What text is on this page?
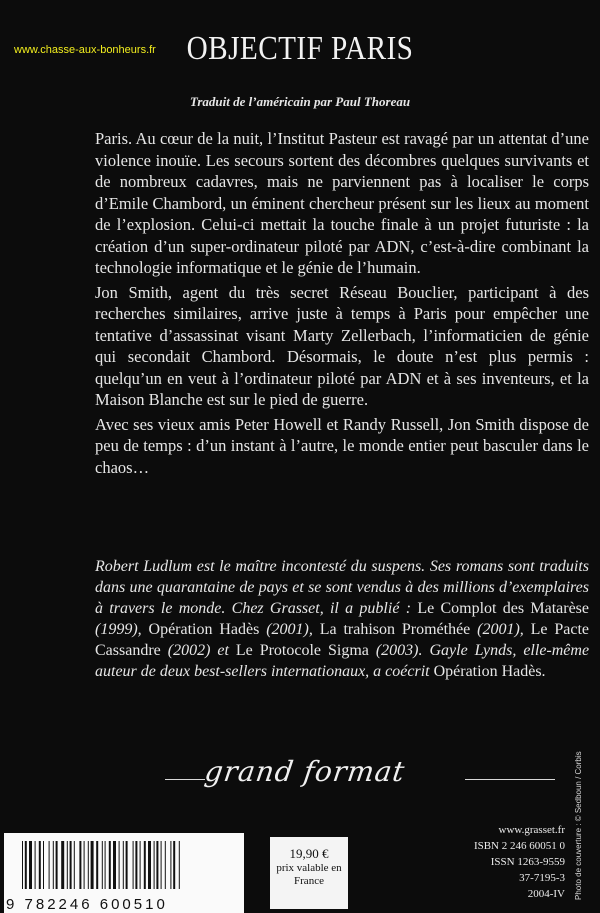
www.chasse-aux-bonheurs.fr OBJECTIF PARIS
Traduit de l’américain par Paul Thoreau

Paris. Au cœur de la nuit, l’Institut Pasteur est ravagé par un attentat d’une violence inouïe. Les secours sortent des décombres quelques survivants et de nombreux cadavres, mais ne parviennent pas à localiser le corps d’Emile Chambord, un éminent chercheur présent sur les lieux au moment de l’explosion. Celui-ci mettait la touche finale à un projet futuriste : la création d’un super-ordinateur piloté par ADN, c’est-à-dire combinant la technologie informatique et le génie de l’humain.

Jon Smith, agent du très secret Réseau Bouclier, participant à des recherches similaires, arrive juste à temps à Paris pour empêcher une tentative d’assassinat visant Marty Zellerbach, l’informaticien de génie qui secondait Chambord. Désormais, le doute n’est plus permis : quelqu’un en veut à l’ordinateur piloté par ADN et à ses inventeurs, et la Maison Blanche est sur le pied de guerre.

Avec ses vieux amis Peter Howell et Randy Russell, Jon Smith dispose de peu de temps : d’un instant à l’autre, le monde entier peut basculer dans le chaos…

Robert Ludlum est le maître incontesté du suspens. Ses romans sont traduits dans une quarantaine de pays et se sont vendus à des millions d’exemplaires à travers le monde. Chez Grasset, il a publié : Le Complot des Matarèse (1999), Opération Hadès (2001), La trahison Prométhée (2001), Le Pacte Cassandre (2002) et Le Protocole Sigma (2003). Gayle Lynds, elle-même auteur de deux best-sellers internationaux, a coécrit Opération Hadès.
grand format	Photo de couverture : © Sedboun / Corbis
9 782246 600510
19,90 €
prix valable en
France
www.grasset.fr
ISBN 2 246 60051 0
ISSN 1263-9559
37-7195-3
2004-IV
